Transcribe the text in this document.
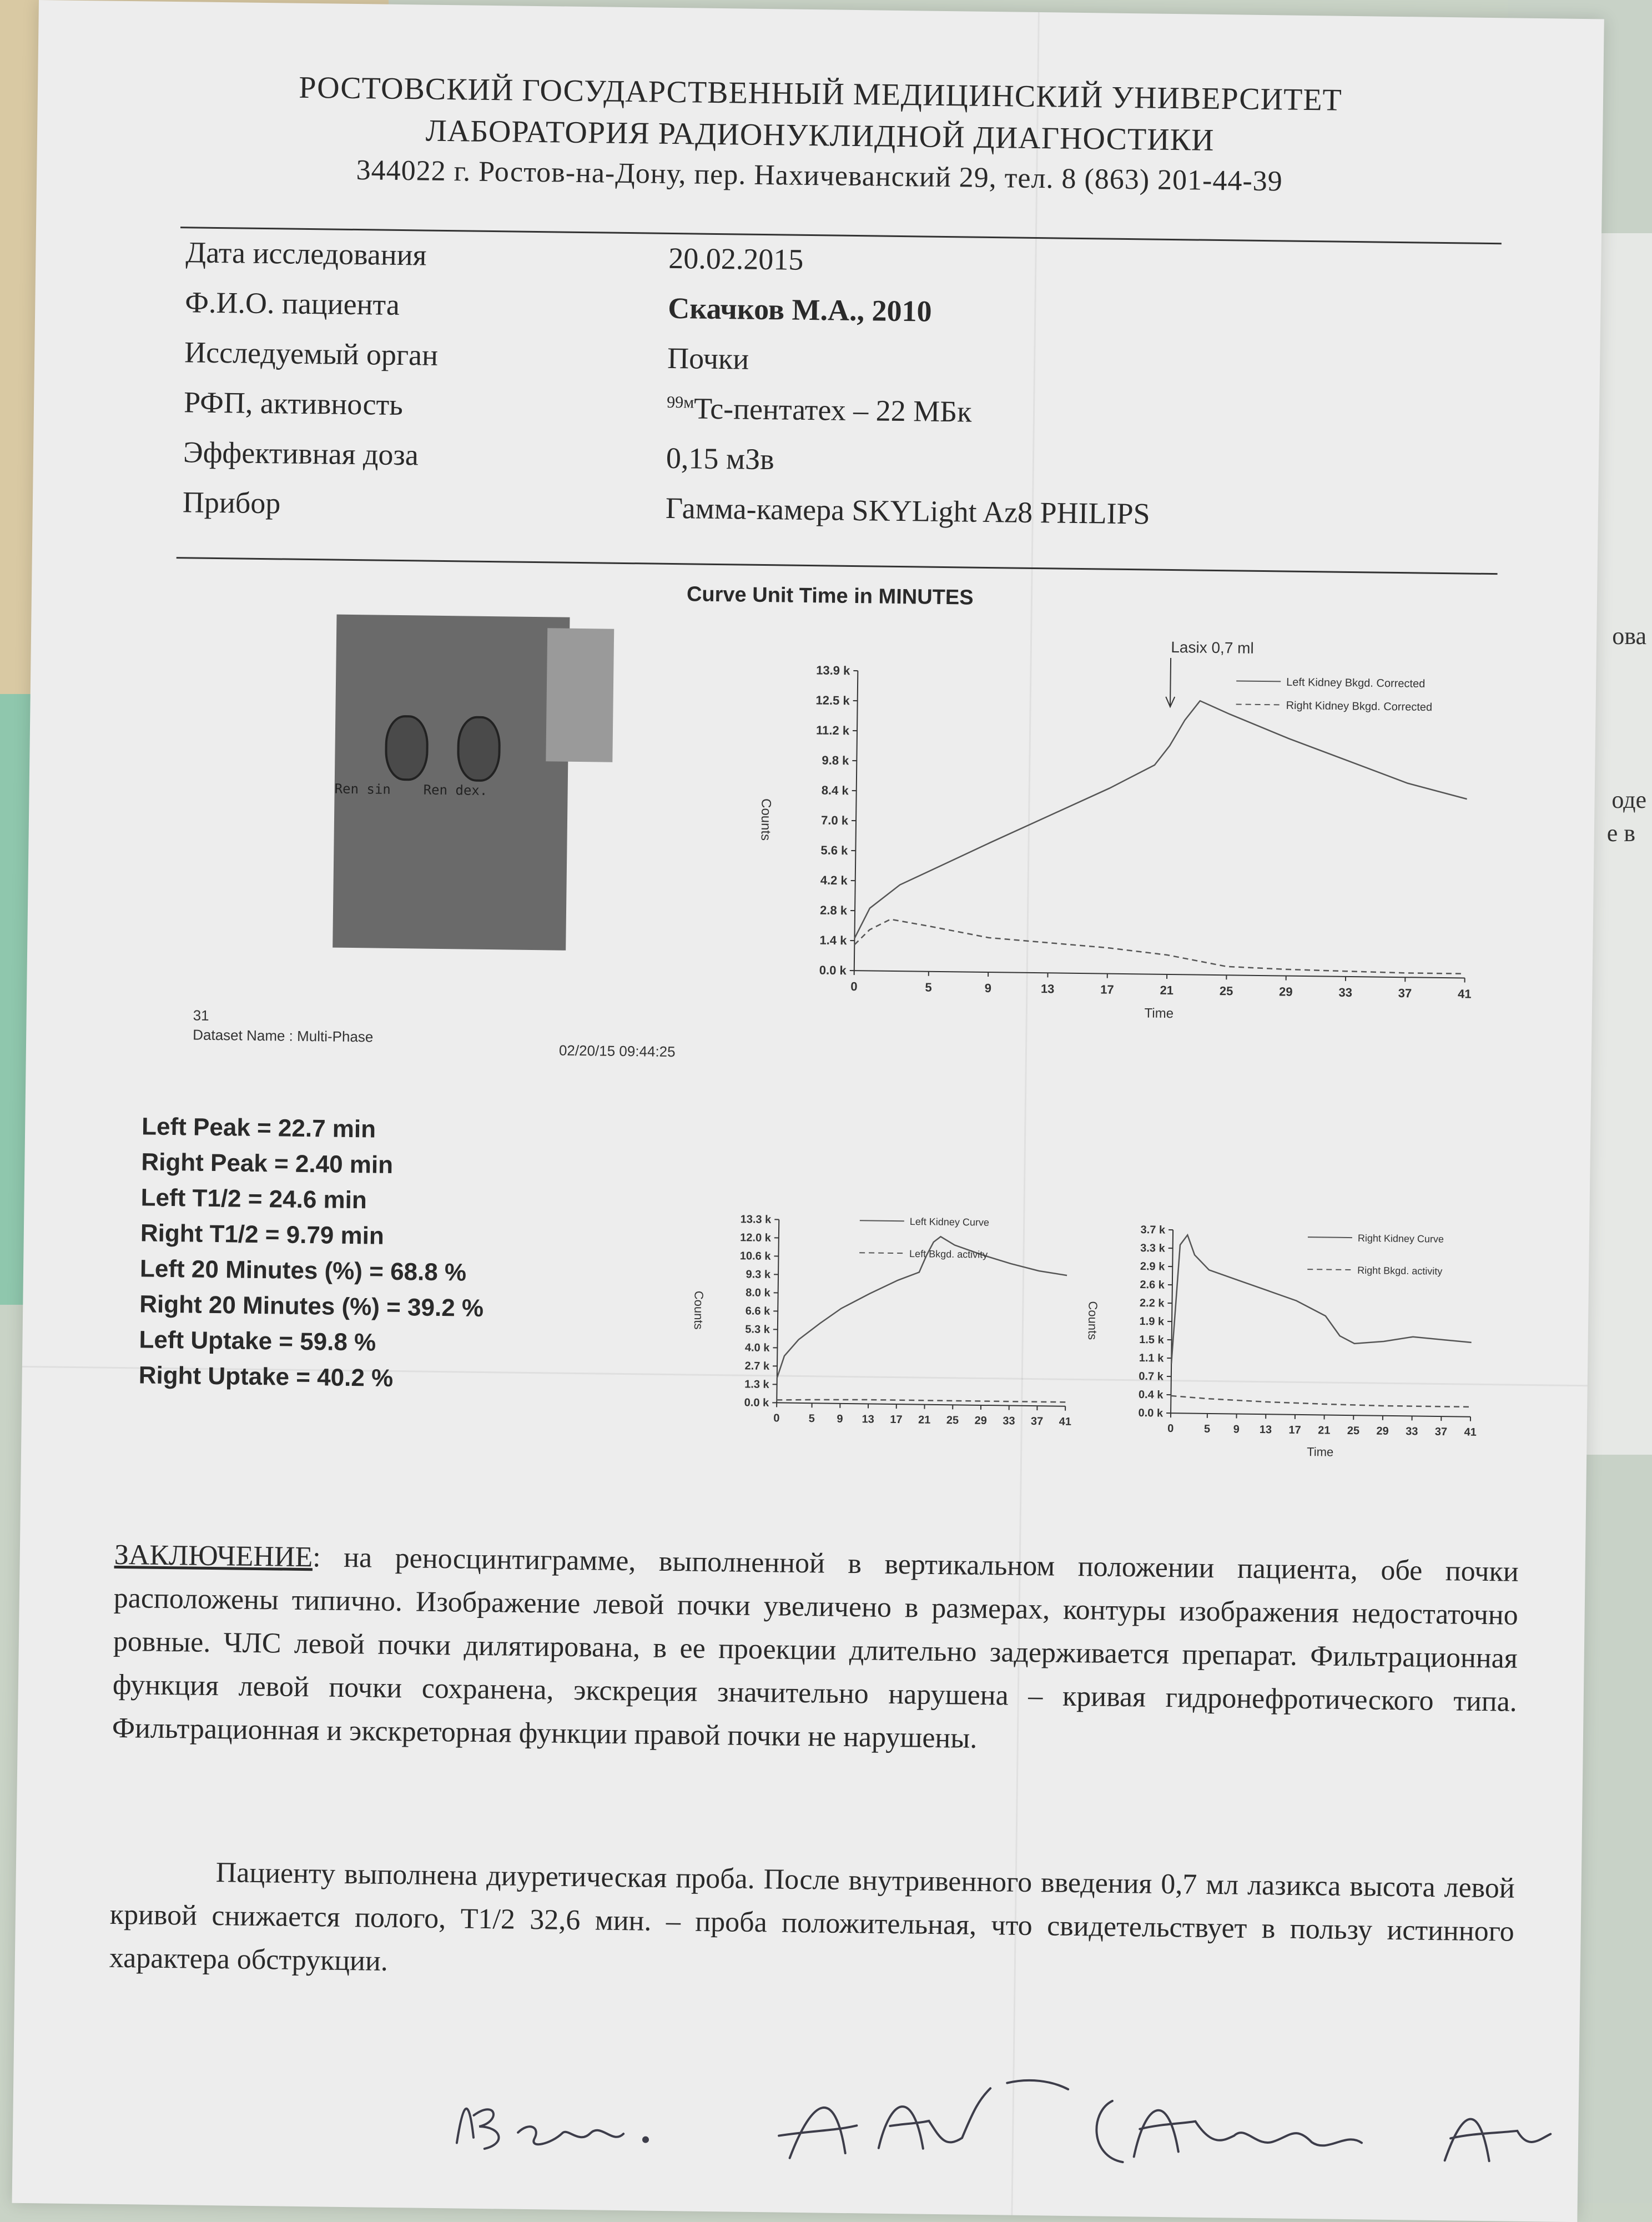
ова
оде
е в
РОСТОВСКИЙ ГОСУДАРСТВЕННЫЙ МЕДИЦИНСКИЙ УНИВЕРСИТЕТ
ЛАБОРАТОРИЯ РАДИОНУКЛИДНОЙ ДИАГНОСТИКИ
344022 г. Ростов-на-Дону, пер. Нахичеванский 29, тел. 8 (863) 201-44-39
Дата исследования	20.02.2015
Ф.И.О. пациента	Скачков М.А., 2010
Исследуемый орган	Почки
РФП, активность	$^{99м}$Tc-пентатех – 22 МБк
Эффективная доза	0,15 мЗв
Прибор	Гамма-камера SKYLight Az8 PHILIPS
Ren sin Ren dex.
31
Dataset Name : Multi-Phase
02/20/15 09:44:25
Curve Unit Time in MINUTES
0.0 k
1.4 k
2.8 k
4.2 k
5.6 k
7.0 k
8.4 k
9.8 k
11.2 k
12.5 k
13.9 k
0	5	9	13	17	21	25	29	33	37	41
Counts
Time
Left Kidney Bkgd. Corrected
Right Kidney Bkgd. Corrected
Lasix 0,7 ml
Left Peak = 22.7 min
Right Peak = 2.40 min
Left T1/2 = 24.6 min
Right T1/2 = 9.79 min
Left 20 Minutes (%) = 68.8 %
Right 20 Minutes (%) = 39.2 %
Left Uptake = 59.8 %
Right Uptake = 40.2 %
0.0 k
1.3 k
2.7 k
4.0 k
5.3 k
6.6 k
8.0 k
9.3 k
10.6 k
12.0 k
13.3 k
0	5 9 13 17 21 25 29 33 37 41
Counts
Left Kidney Curve
Left Bkgd. activity
0.0 k
0.4 k
0.7 k
1.1 k
1.5 k
1.9 k
2.2 k
2.6 k
2.9 k
3.3 k
3.7 k
0	5 9 13 17 21 25 29 33 37 41
Counts
Time
Right Kidney Curve
Right Bkgd. activity
ЗАКЛЮЧЕНИЕ: на реносцинтиграмме, выполненной в вертикальном положении пациента, обе почки расположены типично. Изображение левой почки увеличено в размерах, контуры изображения недостаточно ровные. ЧЛС левой почки дилятирована, в ее проекции длительно задерживается препарат. Фильтрационная функция левой почки сохранена, экскреция значительно нарушена – кривая гидронефротического типа. Фильтрационная и экскреторная функции правой почки не нарушены.
Пациенту выполнена диуретическая проба. После внутривенного введения 0,7 мл лазикса высота левой кривой снижается полого, Т1/2 32,6 мин. – проба положительная, что свидетельствует в пользу истинного характера обструкции.
